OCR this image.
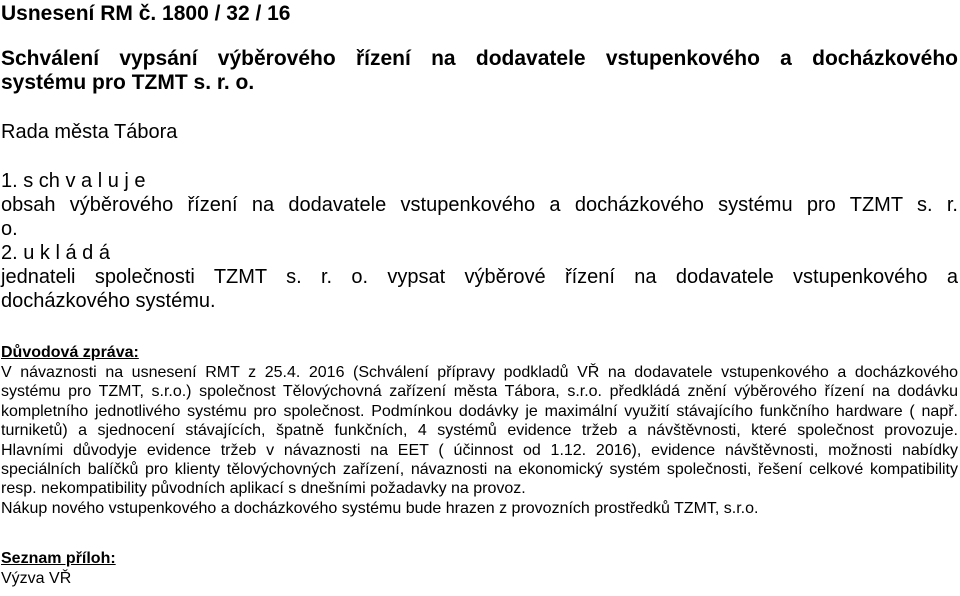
Usnesení RM č. 1800 / 32 / 16

Schválení vypsání výběrového řízení na dodavatele vstupenkového a docházkového
systému pro TZMT s. r. o.

Rada města Tábora

1. s ch v a l u j e

obsah výběrového řízení na dodavatele vstupenkového a docházkového systému pro TZMT s. r.
o.

2. u k l á d á

jednateli společnosti TZMT s. r. o. vypsat výběrové řízení na dodavatele vstupenkového a
docházkového systému.

Důvodová zpráva:

V návaznosti na usnesení RMT z 25.4. 2016 (Schválení přípravy podkladů VŘ na dodavatele vstupenkového a docházkového
systému pro TZMT, s.r.o.) společnost Tělovýchovná zařízení města Tábora, s.r.o. předkládá znění výběrového řízení na dodávku
kompletního jednotlivého systému pro společnost. Podmínkou dodávky je maximální využití stávajícího funkčního hardware ( např.
turniketů) a sjednocení stávajících, špatně funkčních, 4 systémů evidence tržeb a návštěvnosti, které společnost provozuje.
Hlavními důvodyje evidence tržeb v návaznosti na EET ( účinnost od 1.12. 2016), evidence návštěvnosti, možnosti nabídky
speciálních balíčků pro klienty tělovýchovných zařízení, návaznosti na ekonomický systém společnosti, řešení celkové kompatibility
resp. nekompatibility původních aplikací s dnešními požadavky na provoz.
Nákup nového vstupenkového a docházkového systému bude hrazen z provozních prostředků TZMT, s.r.o.

Seznam příloh:

Výzva VŘ
